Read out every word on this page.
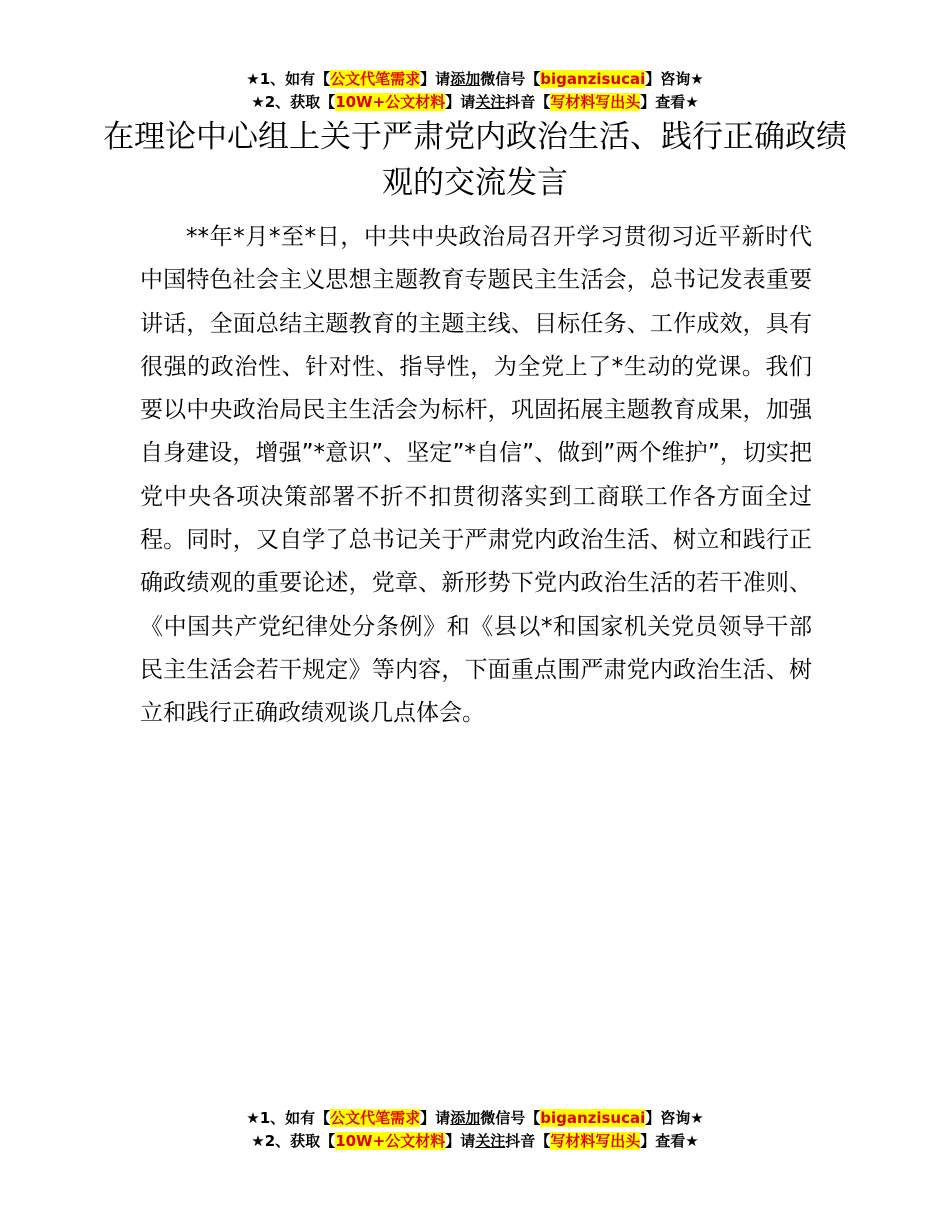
★1、如有【公文代笔需求】请添加微信号【biganzisucai】咨询★
★2、获取【10W+公文材料】请关注抖音【写材料写出头】查看★
在理论中心组上关于严肃党内政治生活、践行正确政绩观的交流发言

**年*月*至*日，中共中央政治局召开学习贯彻习近平新时代中国特色社会主义思想主题教育专题民主生活会，总书记发表重要讲话，全面总结主题教育的主题主线、目标任务、工作成效，具有很强的政治性、针对性、指导性，为全党上了*生动的党课。我们要以中央政治局民主生活会为标杆，巩固拓展主题教育成果，加强自身建设，增强”*意识”、坚定”*自信”、做到”两个维护”，切实把党中央各项决策部署不折不扣贯彻落实到工商联工作各方面全过程。同时，又自学了总书记关于严肃党内政治生活、树立和践行正确政绩观的重要论述，党章、新形势下党内政治生活的若干准则、《中国共产党纪律处分条例》和《县以*和国家机关党员领导干部民主生活会若干规定》等内容，下面重点围严肃党内政治生活、树立和践行正确政绩观谈几点体会。

★1、如有【公文代笔需求】请添加微信号【biganzisucai】咨询★
★2、获取【10W+公文材料】请关注抖音【写材料写出头】查看★
